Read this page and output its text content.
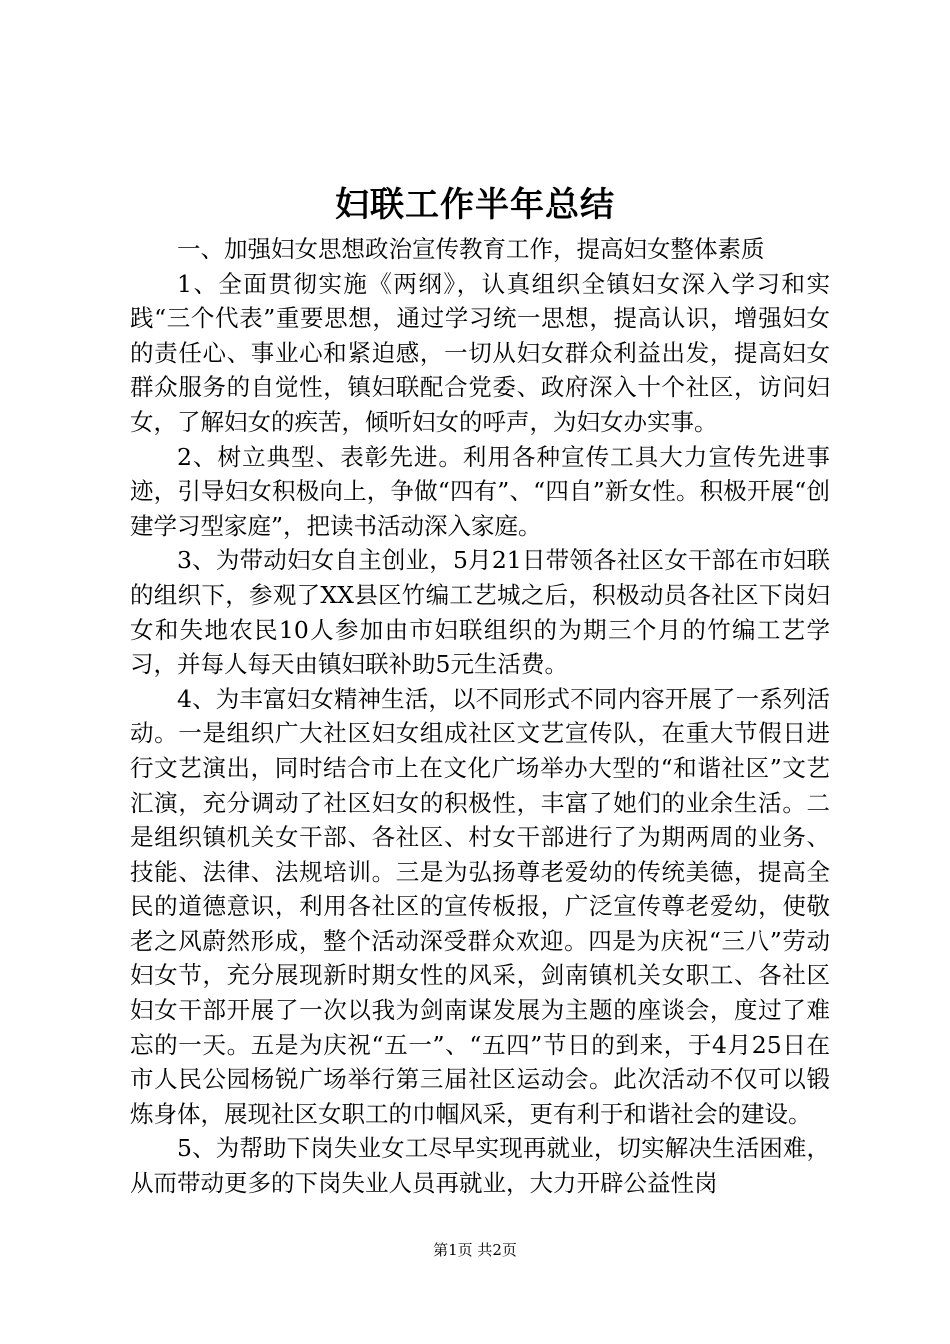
妇联工作半年总结

一、加强妇女思想政治宣传教育工作，提高妇女整体素质

1、全面贯彻实施《两纲》，认真组织全镇妇女深入学习和实践“三个代表”重要思想，通过学习统一思想，提高认识，增强妇女的责任心、事业心和紧迫感，一切从妇女群众利益出发，提高妇女群众服务的自觉性，镇妇联配合党委、政府深入十个社区，访问妇女，了解妇女的疾苦，倾听妇女的呼声，为妇女办实事。

2、树立典型、表彰先进。利用各种宣传工具大力宣传先进事迹，引导妇女积极向上，争做“四有”、“四自”新女性。积极开展“创建学习型家庭”，把读书活动深入家庭。

3、为带动妇女自主创业，5月21日带领各社区女干部在市妇联的组织下，参观了XX县区竹编工艺城之后，积极动员各社区下岗妇女和失地农民10人参加由市妇联组织的为期三个月的竹编工艺学习，并每人每天由镇妇联补助5元生活费。

4、为丰富妇女精神生活，以不同形式不同内容开展了一系列活动。一是组织广大社区妇女组成社区文艺宣传队，在重大节假日进行文艺演出，同时结合市上在文化广场举办大型的“和谐社区”文艺汇演，充分调动了社区妇女的积极性，丰富了她们的业余生活。二是组织镇机关女干部、各社区、村女干部进行了为期两周的业务、技能、法律、法规培训。三是为弘扬尊老爱幼的传统美德，提高全民的道德意识，利用各社区的宣传板报，广泛宣传尊老爱幼，使敬老之风蔚然形成，整个活动深受群众欢迎。四是为庆祝“三八”劳动妇女节，充分展现新时期女性的风采，剑南镇机关女职工、各社区妇女干部开展了一次以我为剑南谋发展为主题的座谈会，度过了难忘的一天。五是为庆祝“五一”、“五四”节日的到来，于4月25日在市人民公园杨锐广场举行第三届社区运动会。此次活动不仅可以锻炼身体，展现社区女职工的巾帼风采，更有利于和谐社会的建设。

5、为帮助下岗失业女工尽早实现再就业，切实解决生活困难，从而带动更多的下岗失业人员再就业，大力开辟公益性岗

第1页 共2页
